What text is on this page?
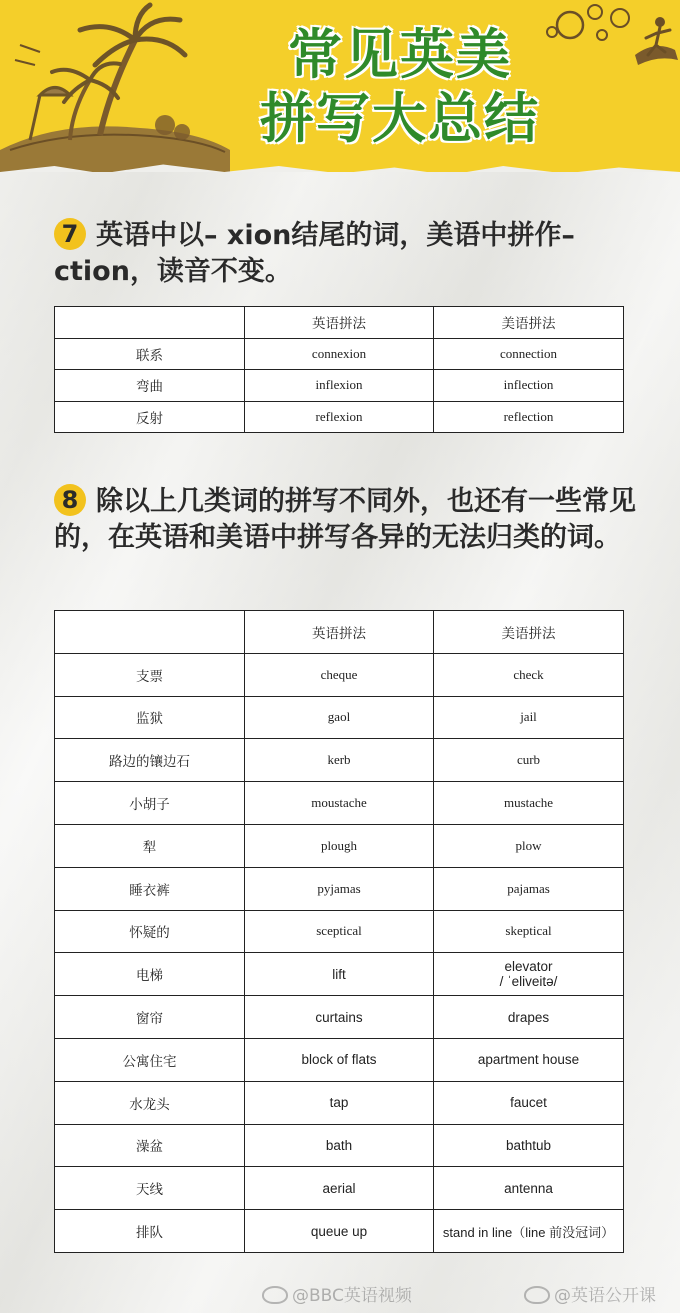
常见英美
拼写大总结
7 英语中以– xion结尾的词，美语中拼作–ction，读音不变。
	英语拼法	美语拼法
联系	connexion	connection
弯曲	inflexion	inflection
反射	reflexion	reflection
8 除以上几类词的拼写不同外，也还有一些常见的，在英语和美语中拼写各异的无法归类的词。
	英语拼法	美语拼法
支票	cheque	check
监狱	gaol	jail
路边的镶边石	kerb	curb
小胡子	moustache	mustache
犁	plough	plow
睡衣裤	pyjamas	pajamas
怀疑的	sceptical	skeptical
电梯	lift	elevator
/ ˈeliveitə/

窗帘	curtains	drapes
公寓住宅	block of flats	apartment house
水龙头	tap	faucet
澡盆	bath	bathtub
天线	aerial	antenna
排队	queue up	stand in line（line 前没冠词）
@BBC英语视频	@英语公开课
